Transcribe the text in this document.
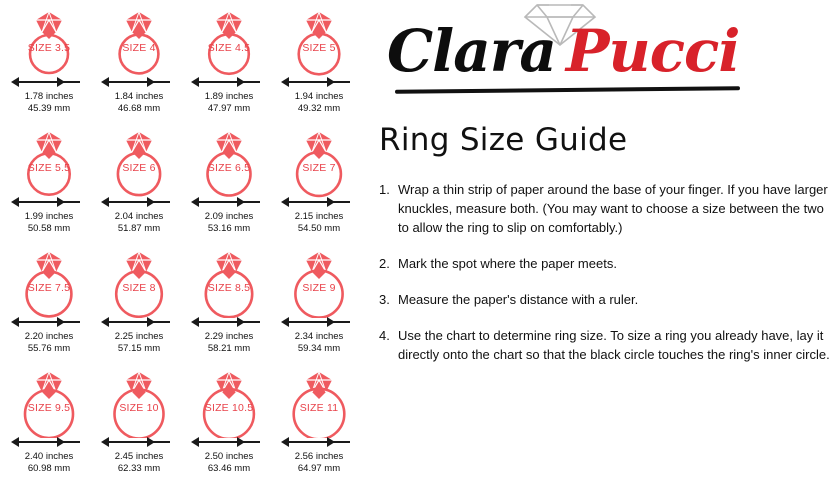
SIZE 3.5
1.78 inches
45.39 mm
SIZE 4
1.84 inches
46.68 mm
SIZE 4.5
1.89 inches
47.97 mm
SIZE 5
1.94 inches
49.32 mm
SIZE 5.5
1.99 inches
50.58 mm
SIZE 6
2.04 inches
51.87 mm
SIZE 6.5
2.09 inches
53.16 mm
SIZE 7
2.15 inches
54.50 mm
SIZE 7.5
2.20 inches
55.76 mm
SIZE 8
2.25 inches
57.15 mm
SIZE 8.5
2.29 inches
58.21 mm
SIZE 9
2.34 inches
59.34 mm
SIZE 9.5
2.40 inches
60.98 mm
SIZE 10
2.45 inches
62.33 mm
SIZE 10.5
2.50 inches
63.46 mm
SIZE 11
2.56 inches
64.97 mm
Clara Pucci
Ring Size Guide
1. Wrap a thin strip of paper around the base of your finger. If you have larger knuckles, measure both. (You may want to choose a size between the two to allow the ring to slip on comfortably.)
2. Mark the spot where the paper meets.
3. Measure the paper's distance with a ruler.
4. Use the chart to determine ring size. To size a ring you already have, lay it directly onto the chart so that the black circle touches the ring's inner circle.
